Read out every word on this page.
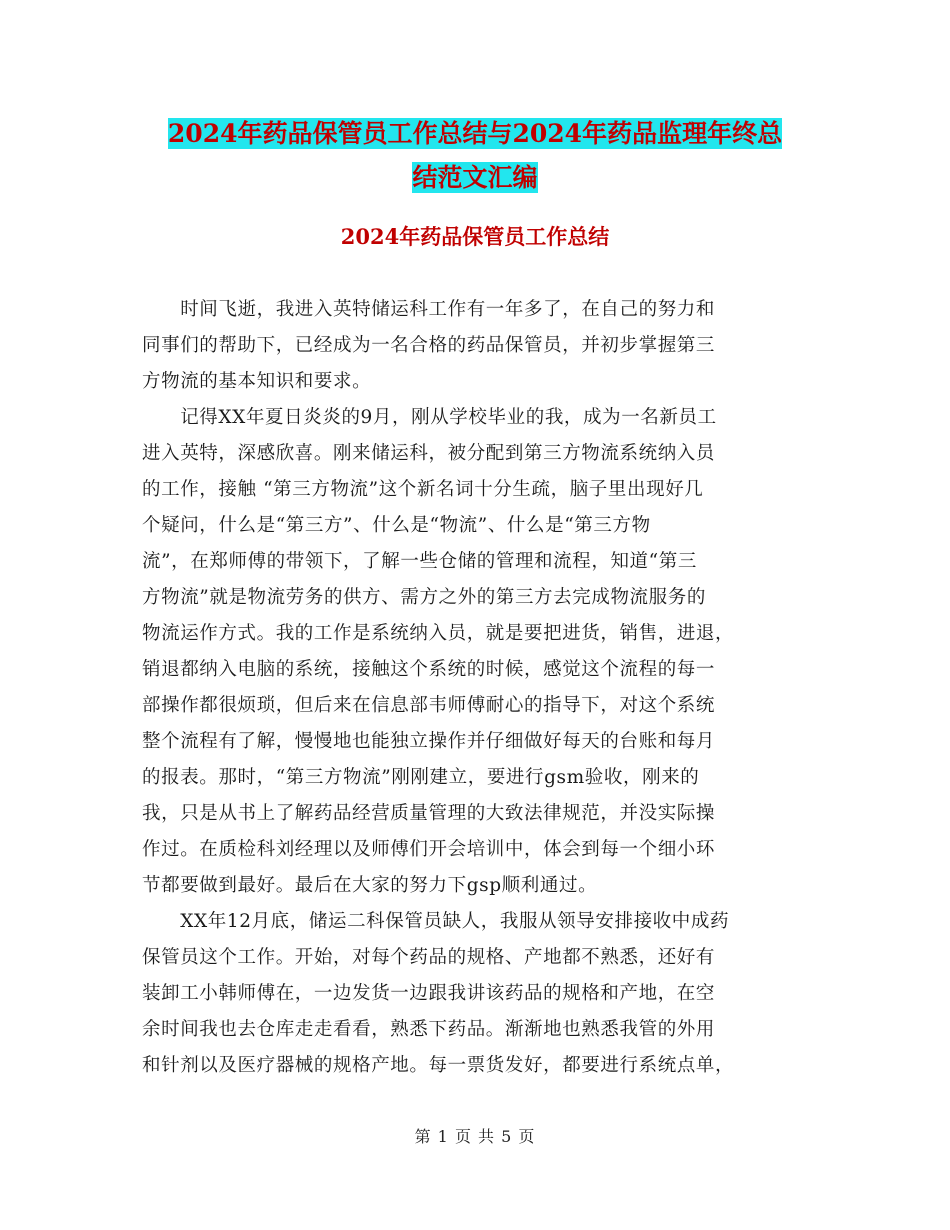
2024年药品保管员工作总结与2024年药品监理年终总
结范文汇编
2024年药品保管员工作总结
　　时间飞逝，我进入英特储运科工作有一年多了，在自己的努力和
同事们的帮助下，已经成为一名合格的药品保管员，并初步掌握第三
方物流的基本知识和要求。
　　记得XX年夏日炎炎的9月，刚从学校毕业的我，成为一名新员工
进入英特，深感欣喜。刚来储运科，被分配到第三方物流系统纳入员
的工作，接触 “第三方物流”这个新名词十分生疏，脑子里出现好几
个疑问，什么是“第三方”、什么是“物流”、什么是“第三方物
流”，在郑师傅的带领下，了解一些仓储的管理和流程，知道“第三
方物流”就是物流劳务的供方、需方之外的第三方去完成物流服务的
物流运作方式。我的工作是系统纳入员，就是要把进货，销售，进退，
销退都纳入电脑的系统，接触这个系统的时候，感觉这个流程的每一
部操作都很烦琐，但后来在信息部韦师傅耐心的指导下，对这个系统
整个流程有了解，慢慢地也能独立操作并仔细做好每天的台账和每月
的报表。那时，“第三方物流”刚刚建立，要进行gsm验收，刚来的
我，只是从书上了解药品经营质量管理的大致法律规范，并没实际操
作过。在质检科刘经理以及师傅们开会培训中，体会到每一个细小环
节都要做到最好。最后在大家的努力下gsp顺利通过。
　　XX年12月底，储运二科保管员缺人，我服从领导安排接收中成药
保管员这个工作。开始，对每个药品的规格、产地都不熟悉，还好有
装卸工小韩师傅在，一边发货一边跟我讲该药品的规格和产地，在空
余时间我也去仓库走走看看，熟悉下药品。渐渐地也熟悉我管的外用
和针剂以及医疗器械的规格产地。每一票货发好，都要进行系统点单，
第 1 页 共 5 页
